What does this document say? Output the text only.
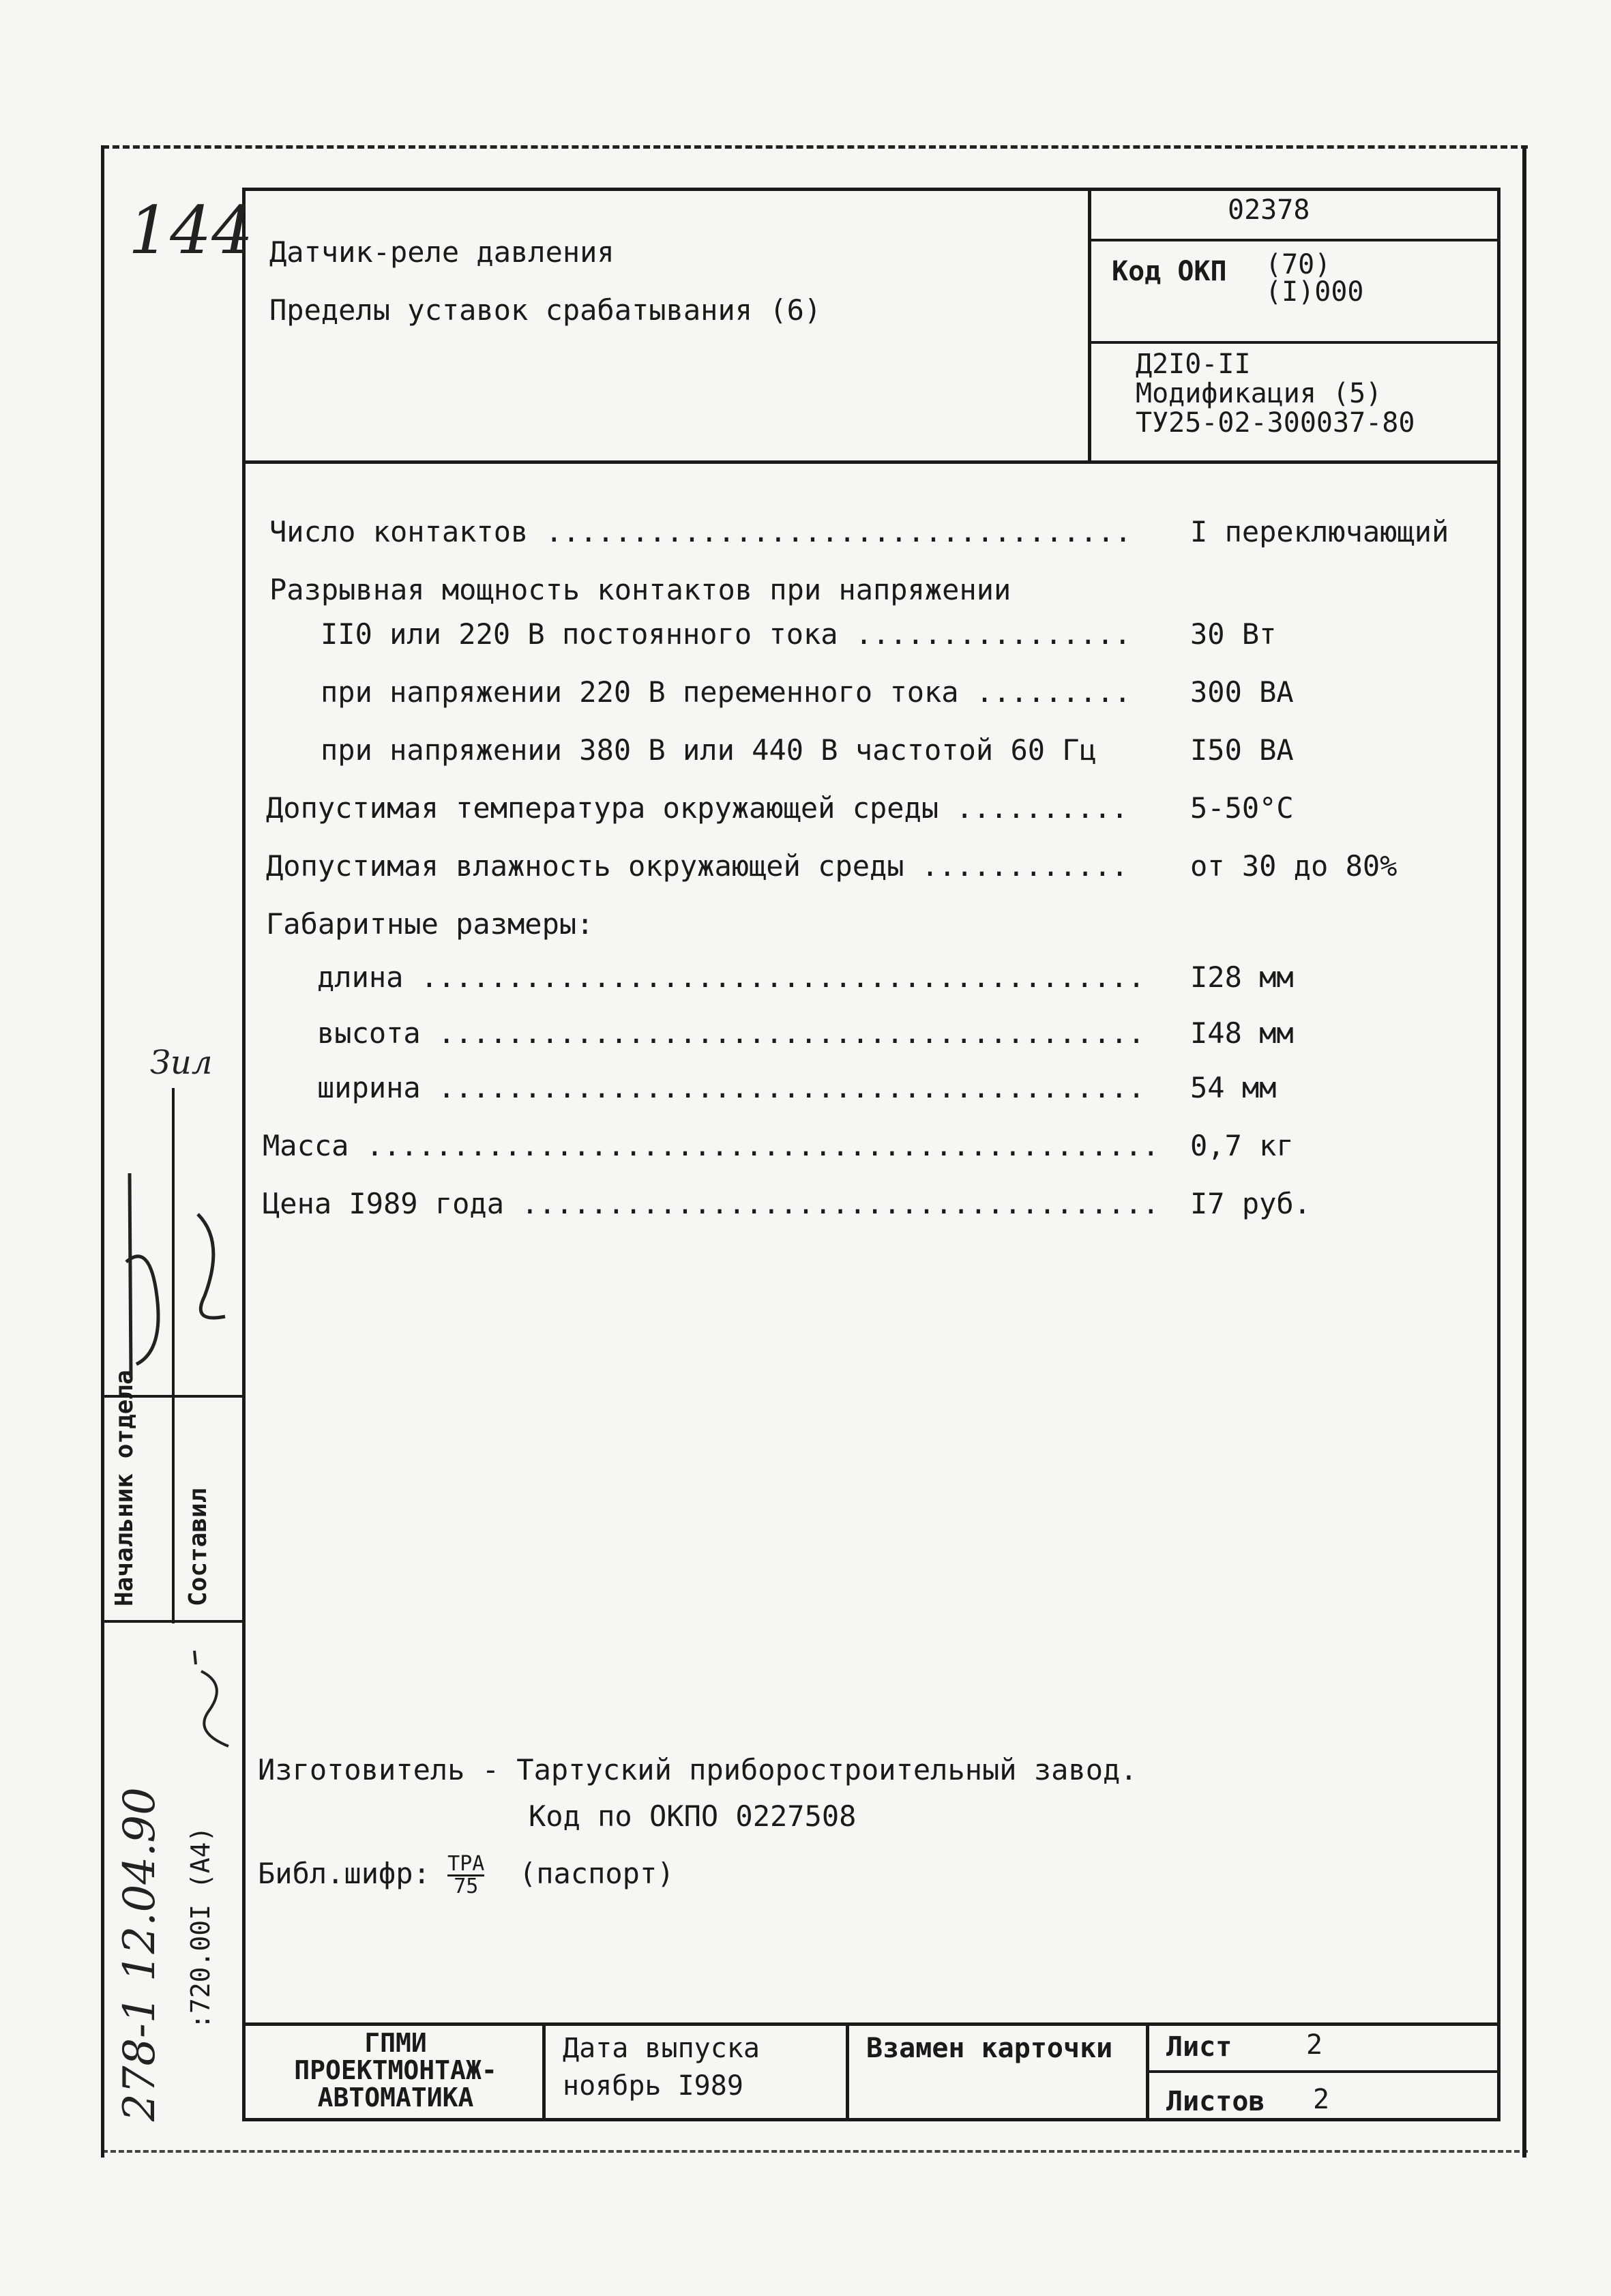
Датчик-реле давления
Пределы уставок срабатывания (6)
02378
Код ОКП (70)
(I)000
Д2I0-II
Модификация (5)
ТУ25-02-300037-80
144
Число контактов .................................. I переключающий
Разрывная мощность контактов при напряжении
II0 или 220 В постоянного тока ................ 30 Вт
при напряжении 220 В переменного тока ......... 300 ВА
при напряжении 380 В или 440 В частотой 60 Гц	I50 ВА
Допустимая температура окружающей среды .......... 5-50°С
Допустимая влажность окружающей среды ............ от 30 до 80%
Габаритные размеры:
длина .......................................... I28 мм
высота ......................................... I48 мм
ширина ......................................... 54 мм
Масса .............................................. 0,7 кг
Цена I989 года ..................................... I7 руб.
Начальник отдела Составил
Зил
:720.00I (А4)
278-1 12.04.90
Изготовитель - Тартуский приборостроительный завод.
Код по ОКПО 0227508
Библ.шифр: $\frac{\text{ТРА}}{75}$ (паспорт)
ГПМИ
ПРОЕКТМОНТАЖ-
АВТОМАТИКА
Дата выпуска
ноябрь I989
Взамен карточки Лист	2
Листов 2
